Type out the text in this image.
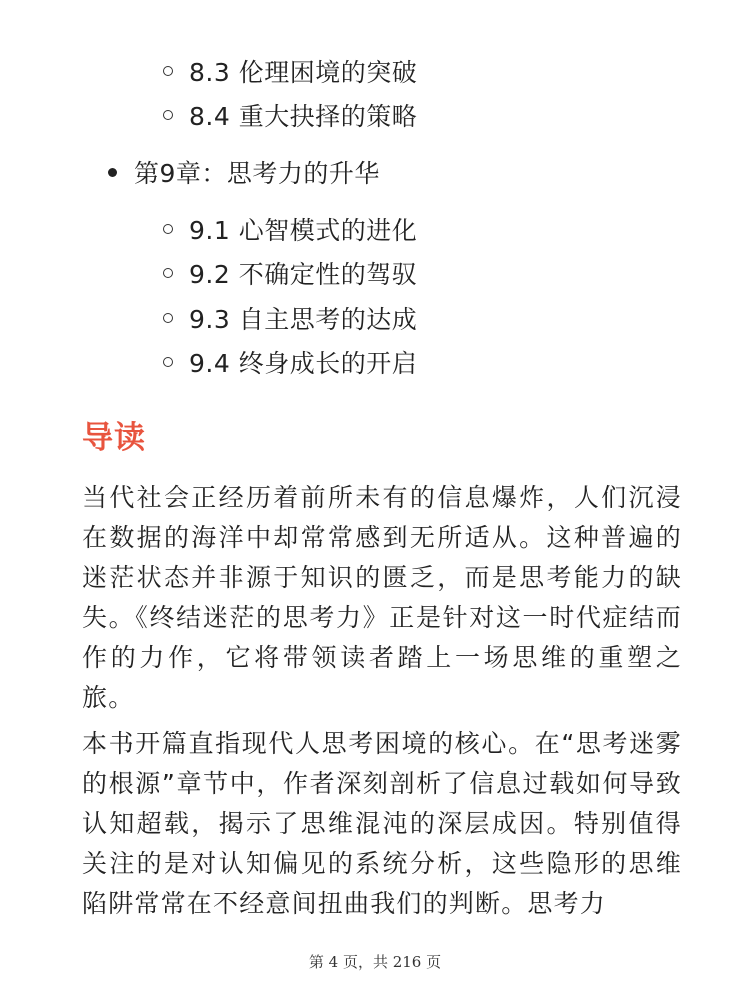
8.3 伦理困境的突破
8.4 重大抉择的策略
第9章：思考力的升华
9.1 心智模式的进化
9.2 不确定性的驾驭
9.3 自主思考的达成
9.4 终身成长的开启
导读
当代社会正经历着前所未有的信息爆炸，人们沉浸在数据的海洋中却常常感到无所适从。这种普遍的迷茫状态并非源于知识的匮乏，而是思考能力的缺失。《终结迷茫的思考力》正是针对这一时代症结而作的力作，它将带领读者踏上一场思维的重塑之旅。
本书开篇直指现代人思考困境的核心。在“思考迷雾的根源”章节中，作者深刻剖析了信息过载如何导致认知超载，揭示了思维混沌的深层成因。特别值得关注的是对认知偏见的系统分析，这些隐形的思维陷阱常常在不经意间扭曲我们的判断。思考力
第 4 页，共 216 页
